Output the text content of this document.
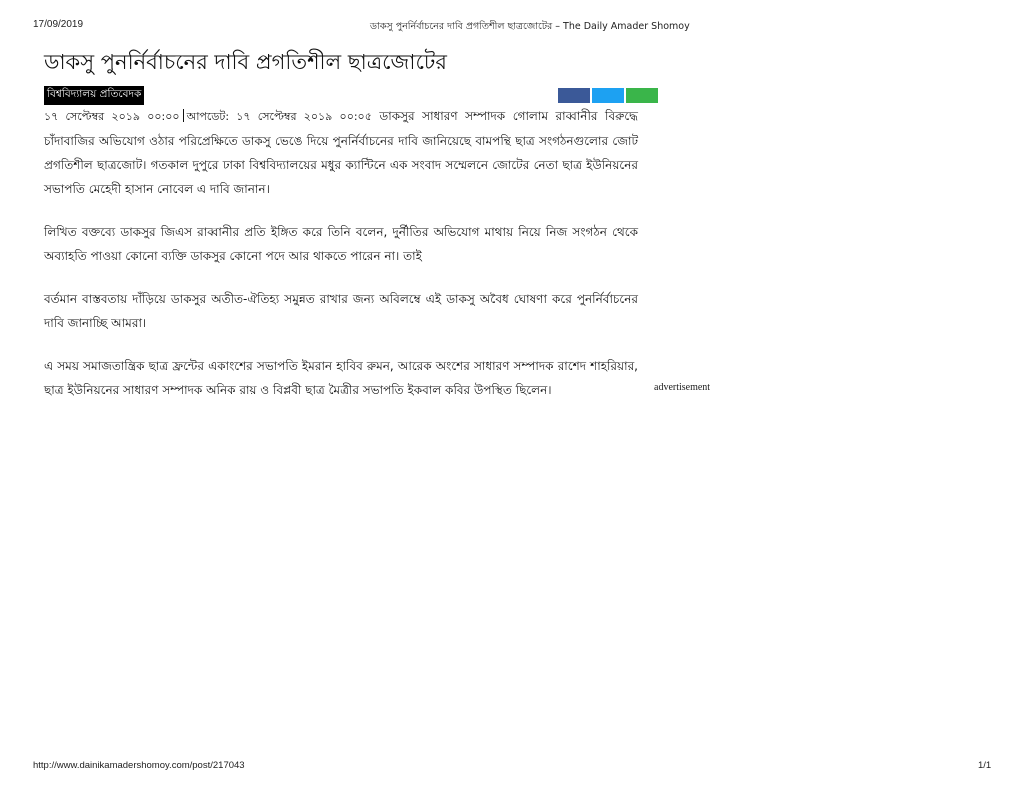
17/09/2019	ডাকসু পুনর্নির্বাচনের দাবি প্রগতিশীল ছাত্রজোটের – The Daily Amader Shomoy
ডাকসু পুনর্নির্বাচনের দাবি প্রগতিশীল ছাত্রজোটের
বিশ্ববিদ্যালয় প্রতিবেদক

১৭ সেপ্টেম্বর ২০১৯ ০০:০০ আপডেট: ১৭ সেপ্টেম্বর ২০১৯ ০০:০৫ ডাকসুর সাধারণ সম্পাদক গোলাম রাব্বানীর বিরুদ্ধে চাঁদাবাজির অভিযোগ ওঠার পরিপ্রেক্ষিতে ডাকসু ভেঙে দিয়ে পুনর্নির্বাচনের দাবি জানিয়েছে বামপন্থি ছাত্র সংগঠনগুলোর জোট প্রগতিশীল ছাত্রজোট। গতকাল দুপুরে ঢাকা বিশ্ববিদ্যালয়ের মধুর ক্যান্টিনে এক সংবাদ সম্মেলনে জোটের নেতা ছাত্র ইউনিয়নের সভাপতি মেহেদী হাসান নোবেল এ দাবি জানান।

লিখিত বক্তব্যে ডাকসুর জিএস রাব্বানীর প্রতি ইঙ্গিত করে তিনি বলেন, দুর্নীতির অভিযোগ মাথায় নিয়ে নিজ সংগঠন থেকে অব্যাহতি পাওয়া কোনো ব্যক্তি ডাকসুর কোনো পদে আর থাকতে পারেন না। তাই

বর্তমান বাস্তবতায় দাঁড়িয়ে ডাকসুর অতীত-ঐতিহ্য সমুন্নত রাখার জন্য অবিলম্বে এই ডাকসু অবৈধ ঘোষণা করে পুনর্নির্বাচনের দাবি জানাচ্ছি আমরা।

এ সময় সমাজতান্ত্রিক ছাত্র ফ্রন্টের একাংশের সভাপতি ইমরান হাবিব রুমন, আরেক অংশের সাধারণ সম্পাদক রাশেদ শাহরিয়ার, ছাত্র ইউনিয়নের সাধারণ সম্পাদক অনিক রায় ও বিপ্লবী ছাত্র মৈত্রীর সভাপতি ইকবাল কবির উপস্থিত ছিলেন।	advertisement
http://www.dainikamadershomoy.com/post/217043	1/1
